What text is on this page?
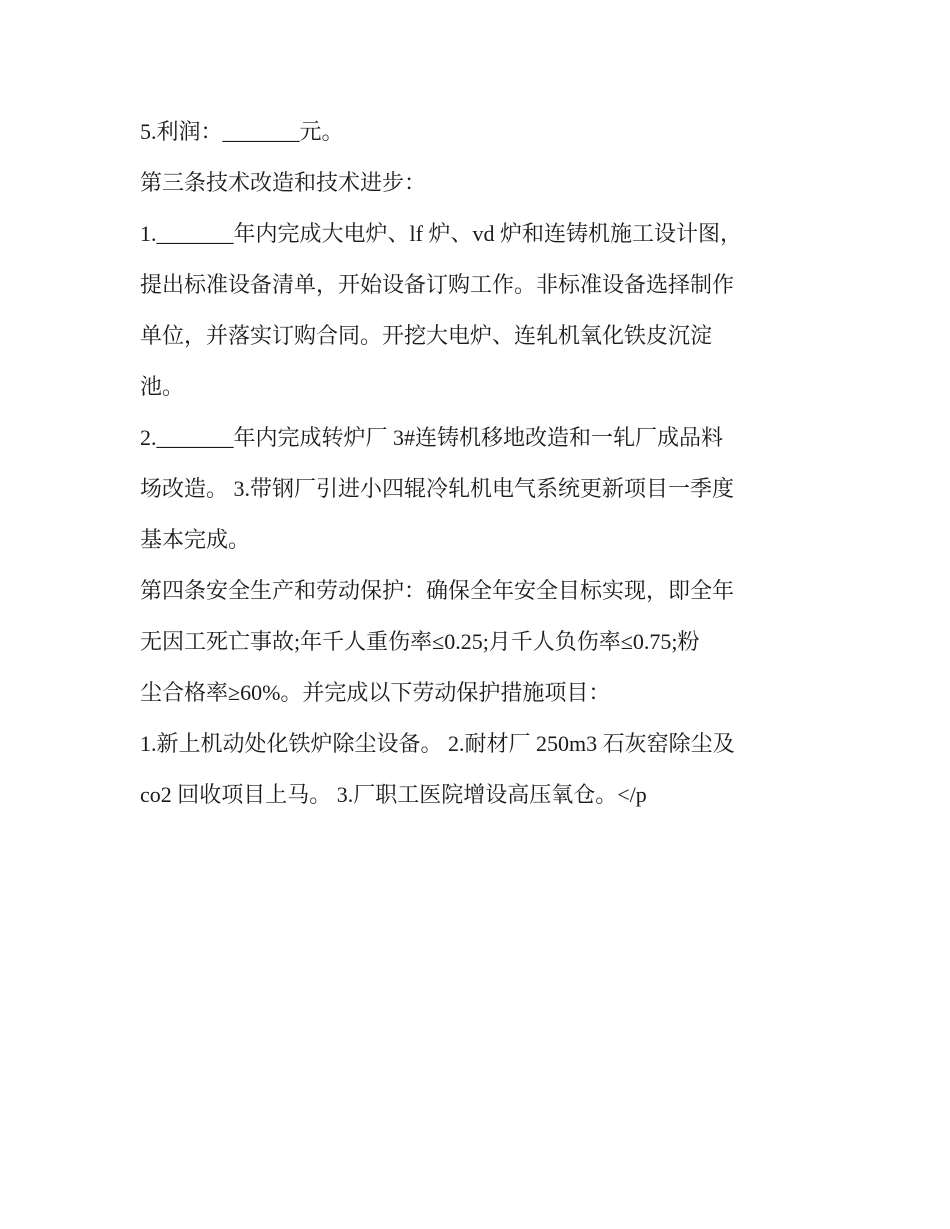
5.利润：_______元。
第三条技术改造和技术进步：
1._______年内完成大电炉、lf 炉、vd 炉和连铸机施工设计图，
提出标准设备清单，开始设备订购工作。非标准设备选择制作
单位，并落实订购合同。开挖大电炉、连轧机氧化铁皮沉淀
池。
2._______年内完成转炉厂 3#连铸机移地改造和一轧厂成品料
场改造。 3.带钢厂引进小四辊冷轧机电气系统更新项目一季度
基本完成。
第四条安全生产和劳动保护：确保全年安全目标实现，即全年
无因工死亡事故;年千人重伤率≤0.25;月千人负伤率≤0.75;粉
尘合格率≥60%。并完成以下劳动保护措施项目：
1.新上机动处化铁炉除尘设备。 2.耐材厂 250m3 石灰窑除尘及
co2 回收项目上马。 3.厂职工医院增设高压氧仓。</p
